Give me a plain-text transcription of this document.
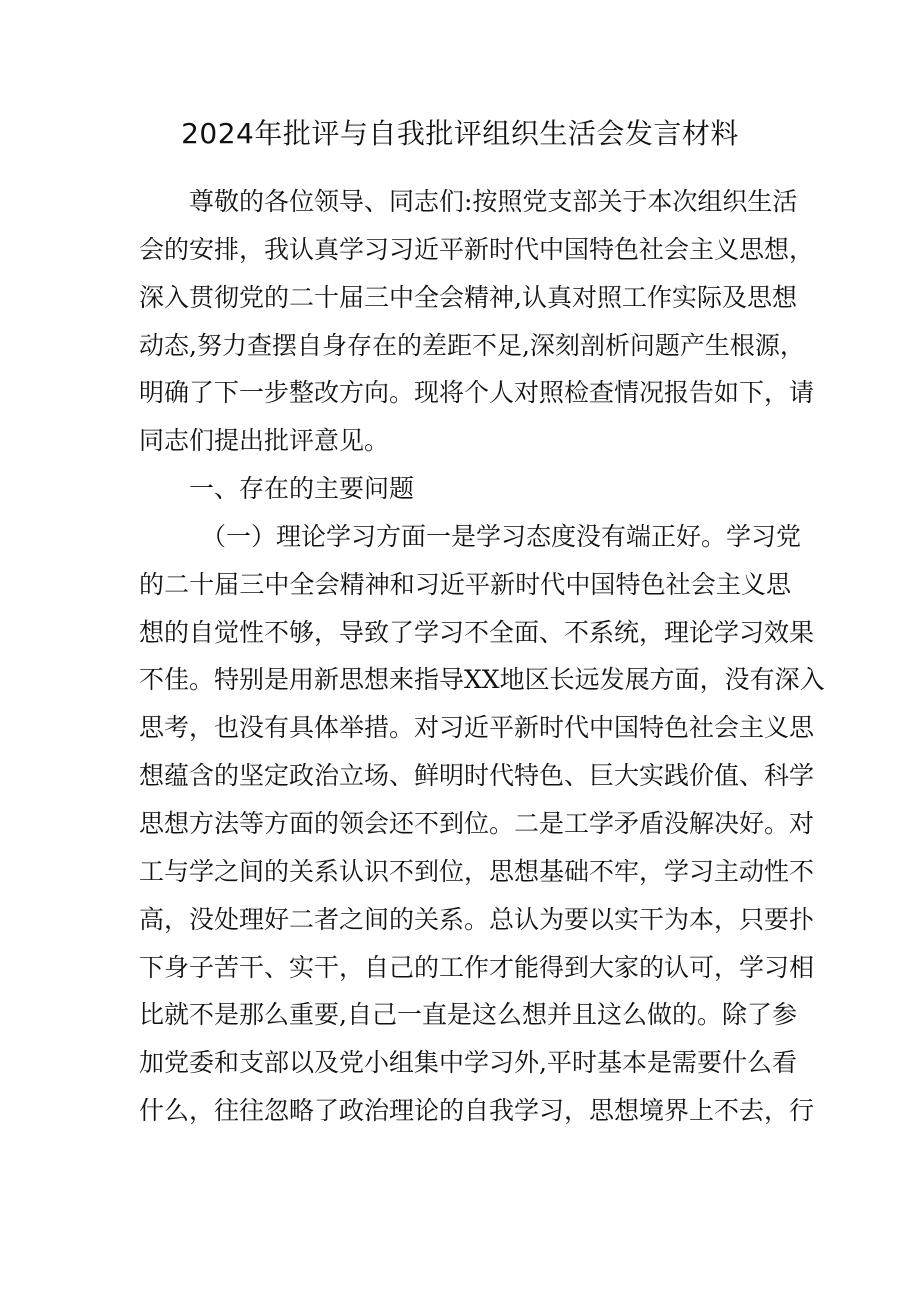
2024年批评与自我批评组织生活会发言材料
尊敬的各位领导、同志们:按照党支部关于本次组织生活
会的安排，我认真学习习近平新时代中国特色社会主义思想，
深入贯彻党的二十届三中全会精神,认真对照工作实际及思想
动态,努力查摆自身存在的差距不足,深刻剖析问题产生根源，
明确了下一步整改方向。现将个人对照检查情况报告如下，请
同志们提出批评意见。
一、存在的主要问题
（一）理论学习方面一是学习态度没有端正好。学习党
的二十届三中全会精神和习近平新时代中国特色社会主义思
想的自觉性不够，导致了学习不全面、不系统，理论学习效果
不佳。特别是用新思想来指导XX地区长远发展方面，没有深入
思考，也没有具体举措。对习近平新时代中国特色社会主义思
想蕴含的坚定政治立场、鲜明时代特色、巨大实践价值、科学
思想方法等方面的领会还不到位。二是工学矛盾没解决好。对
工与学之间的关系认识不到位，思想基础不牢，学习主动性不
高，没处理好二者之间的关系。总认为要以实干为本，只要扑
下身子苦干、实干，自己的工作才能得到大家的认可，学习相
比就不是那么重要,自己一直是这么想并且这么做的。除了参
加党委和支部以及党小组集中学习外,平时基本是需要什么看
什么，往往忽略了政治理论的自我学习，思想境界上不去，行
